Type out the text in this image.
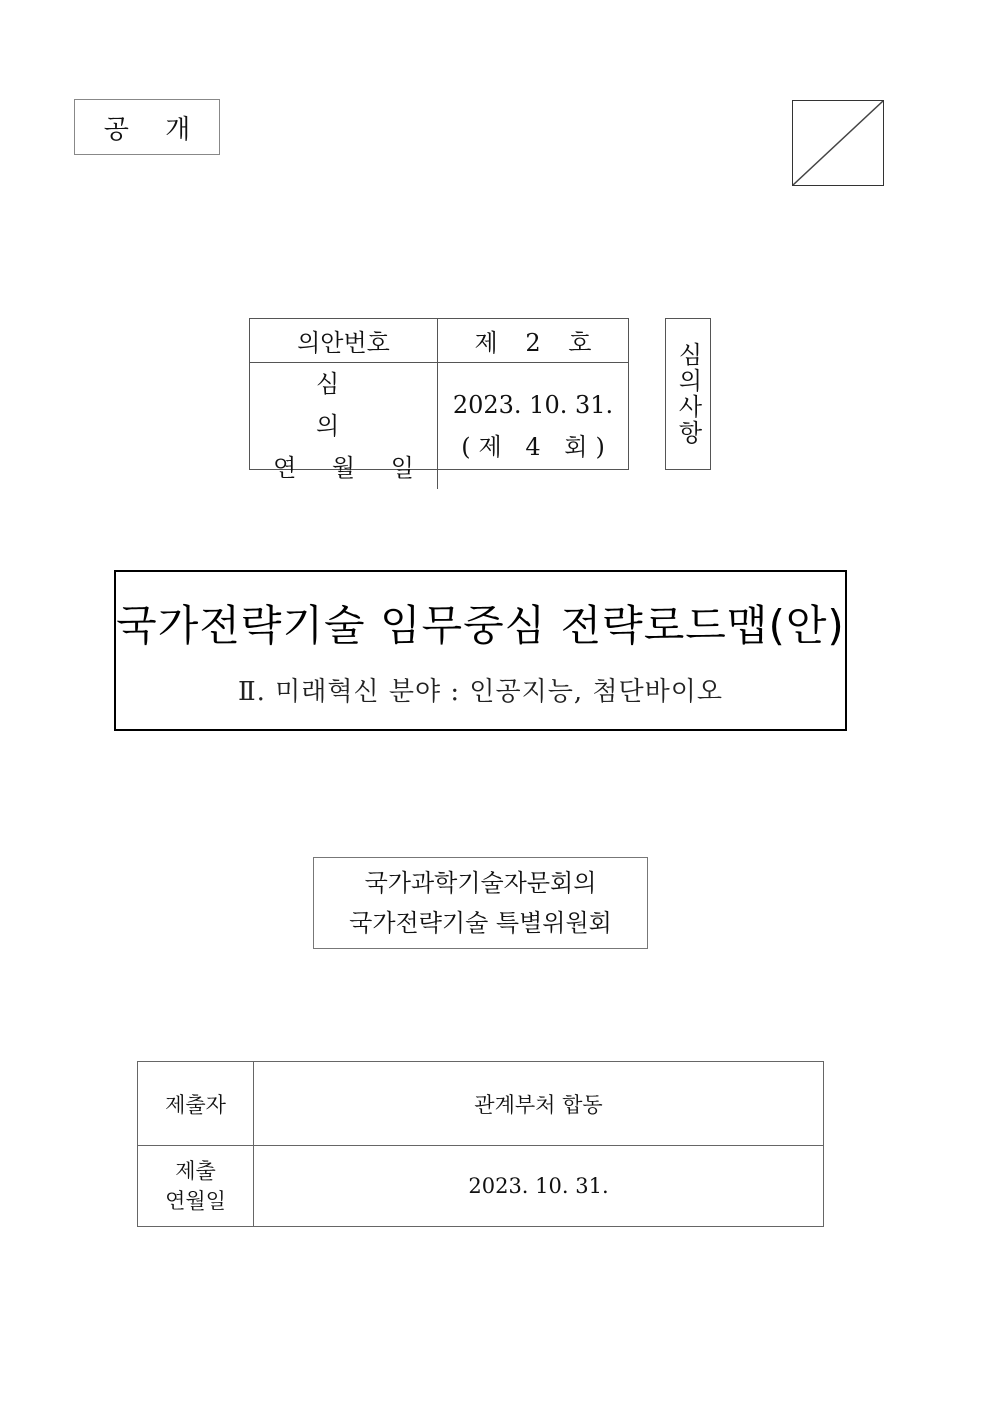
공 개
의안번호	제 2 호
심 의
연 월 일
2023. 10. 31.
(제 4 회)
심의사항
국가전략기술 임무중심 전략로드맵(안)
Ⅱ. 미래혁신 분야 : 인공지능, 첨단바이오
국가과학기술자문회의
국가전략기술 특별위원회
제출자	관계부처 합동
제출
연월일
2023. 10. 31.
